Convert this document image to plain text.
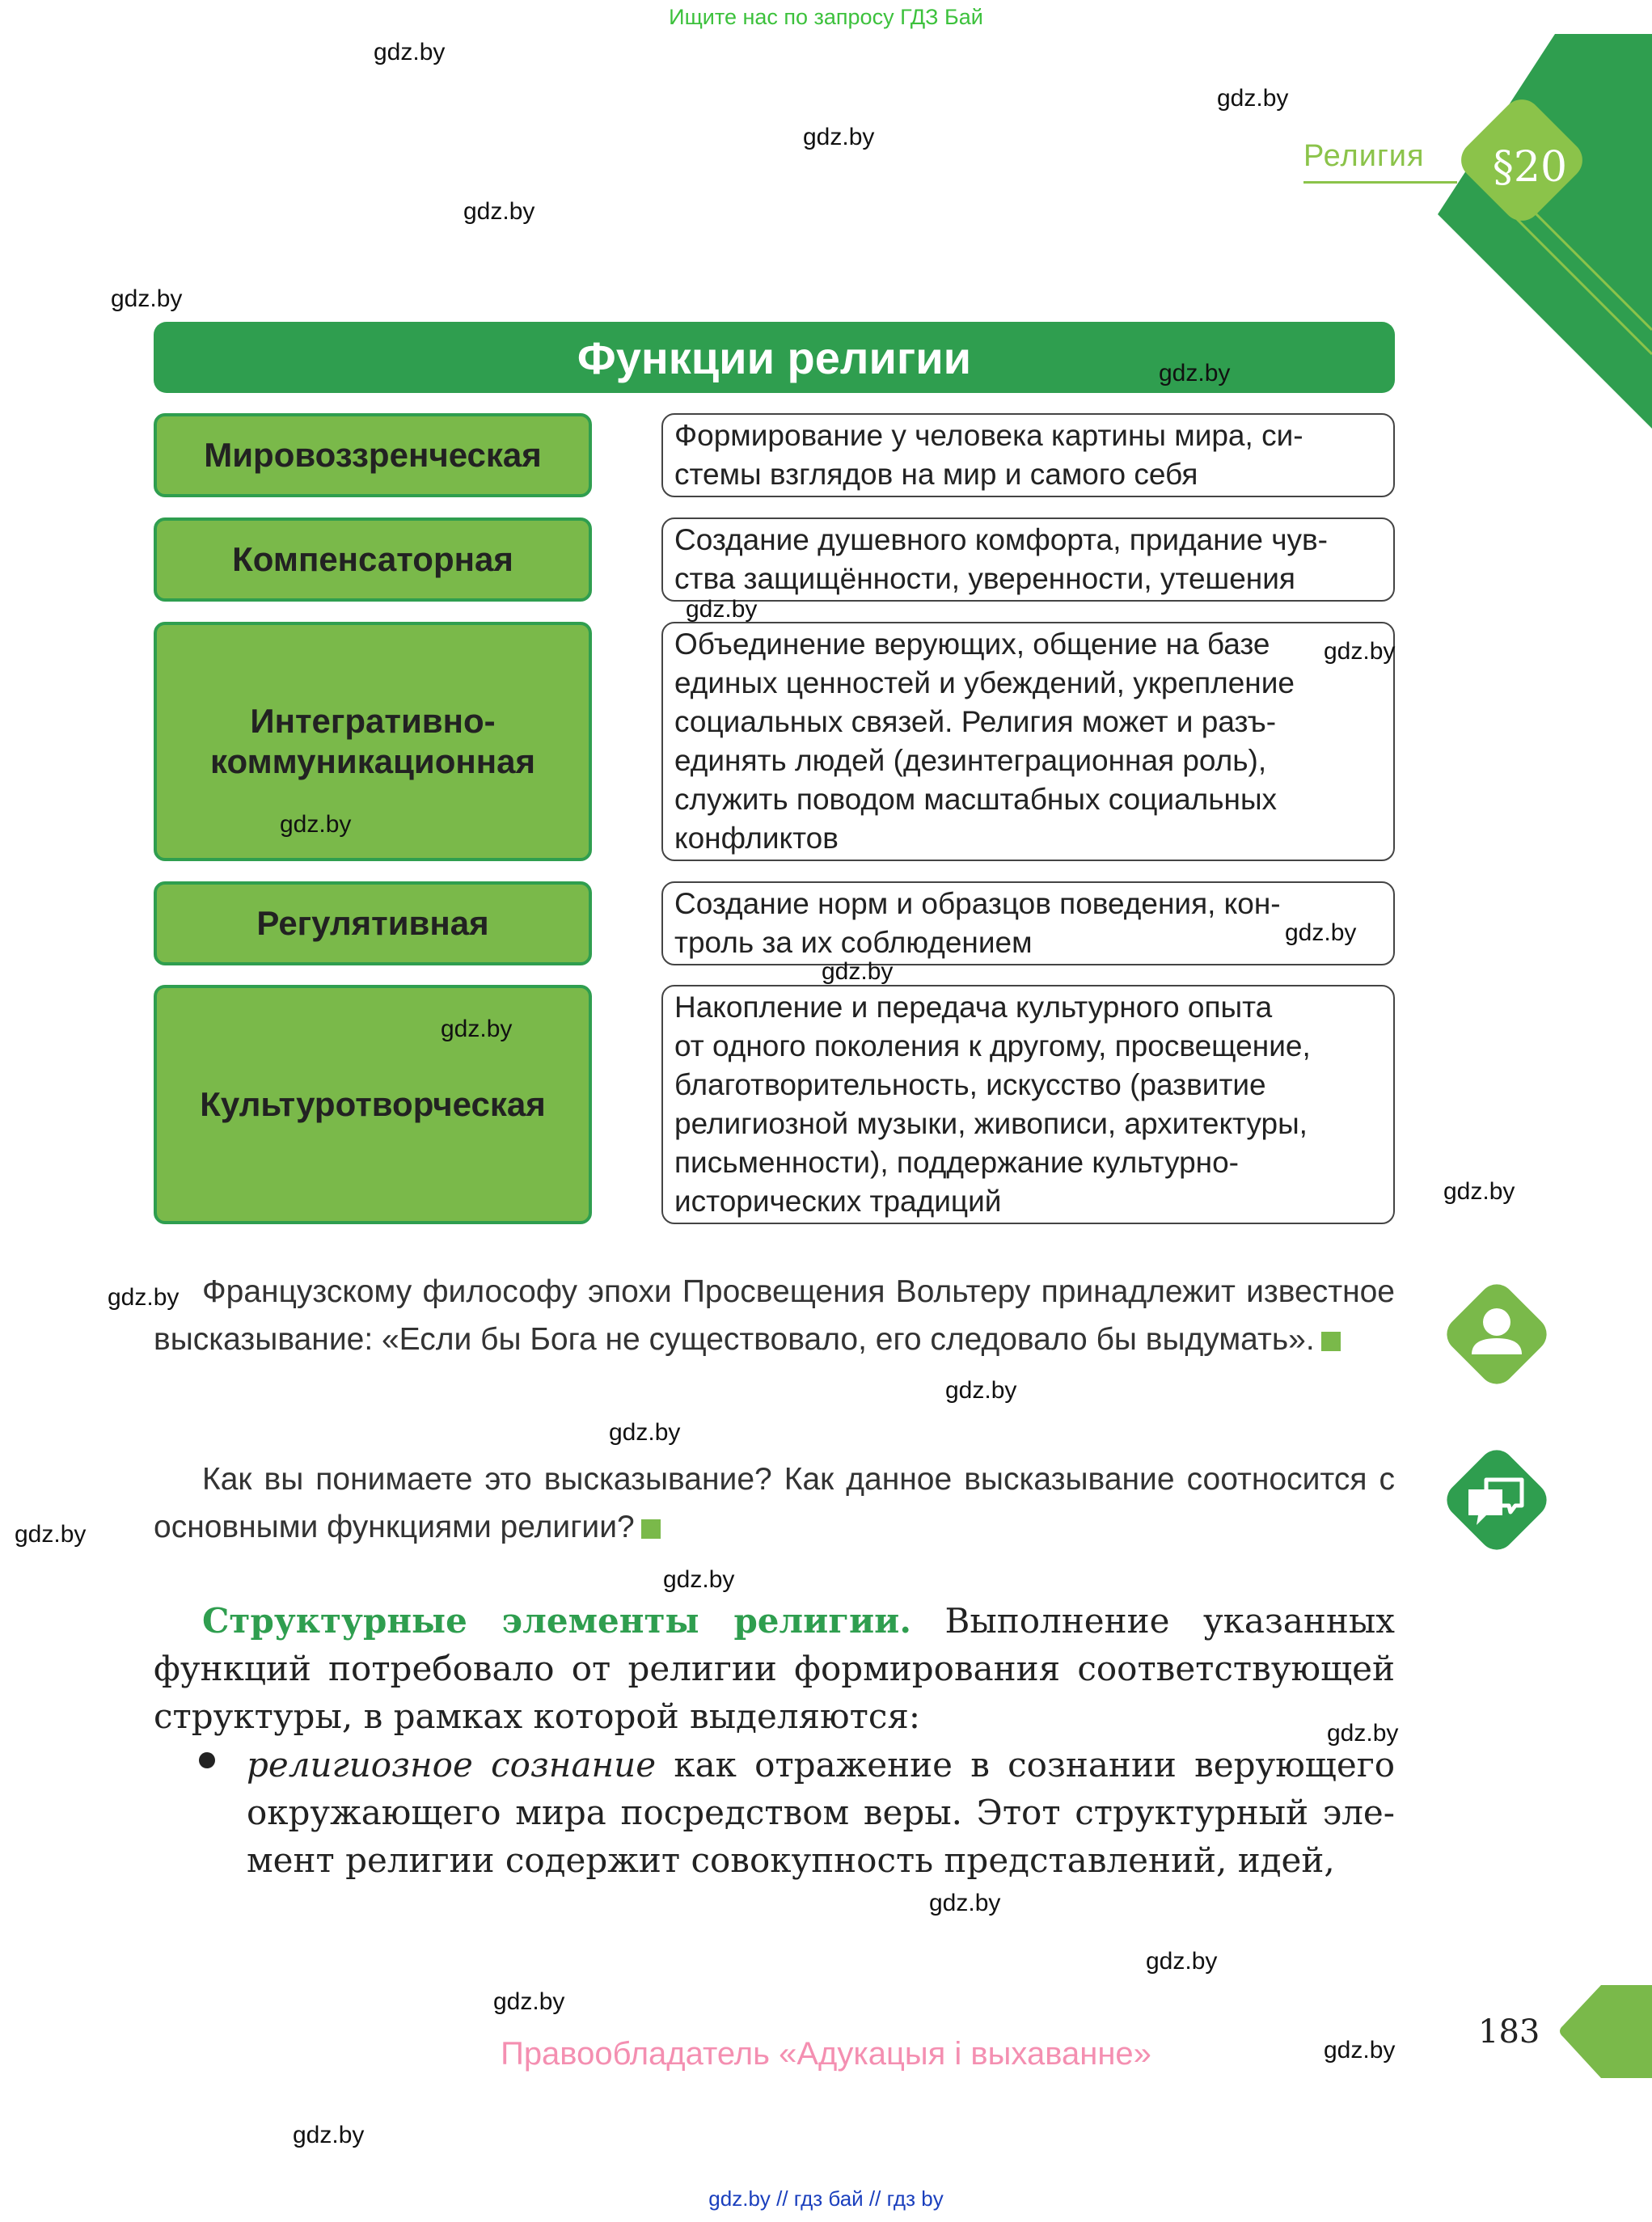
Ищите нас по запросу ГДЗ Бай
Религия	§20
Функции религии
Мировоззренческая
Формирование у человека картины мира, си-
стемы взглядов на мир и самого себя
Компенсаторная
Создание душевного комфорта, придание чув-
ства защищённости, уверенности, утешения
Интегративно-
коммуникационная
Объединение верующих, общение на базе
единых ценностей и убеждений, укрепление
социальных связей. Религия может и разъ-
единять людей (дезинтеграционная роль),
служить поводом масштабных социальных
конфликтов
Регулятивная
Создание норм и образцов поведения, кон-
троль за их соблюдением
Культуротворческая
Накопление и передача культурного опыта
от одного поколения к другому, просвещение,
благотворительность, искусство (развитие
религиозной музыки, живописи, архитектуры,
письменности), поддержание культурно-
исторических традиций
Французскому философу эпохи Просвещения Вольтеру принадлежит известное высказывание: «Если бы Бога не существовало, его следовало бы выдумать».
Как вы понимаете это высказывание? Как данное высказывание соотносится с основными функциями религии?
Структурные элементы религии. Выполнение указанных функций потребовало от религии формирования соответствующей структуры, в рамках которой выделяются:
религиозное сознание как отражение в сознании верующего окружающего мира посредством веры. Этот структурный элемент религии содержит совокупность представлений, идей,
183
Правообладатель «Адукацыя і выхаванне»
gdz.by // гдз бай // гдз by
gdz.by
gdz.by
gdz.by
gdz.by
gdz.by
gdz.by
gdz.by
gdz.by
gdz.by
gdz.by
gdz.by
gdz.by
gdz.by
gdz.by
gdz.by
gdz.by
gdz.by
gdz.by
gdz.by
gdz.by
gdz.by
gdz.by
gdz.by
gdz.by
